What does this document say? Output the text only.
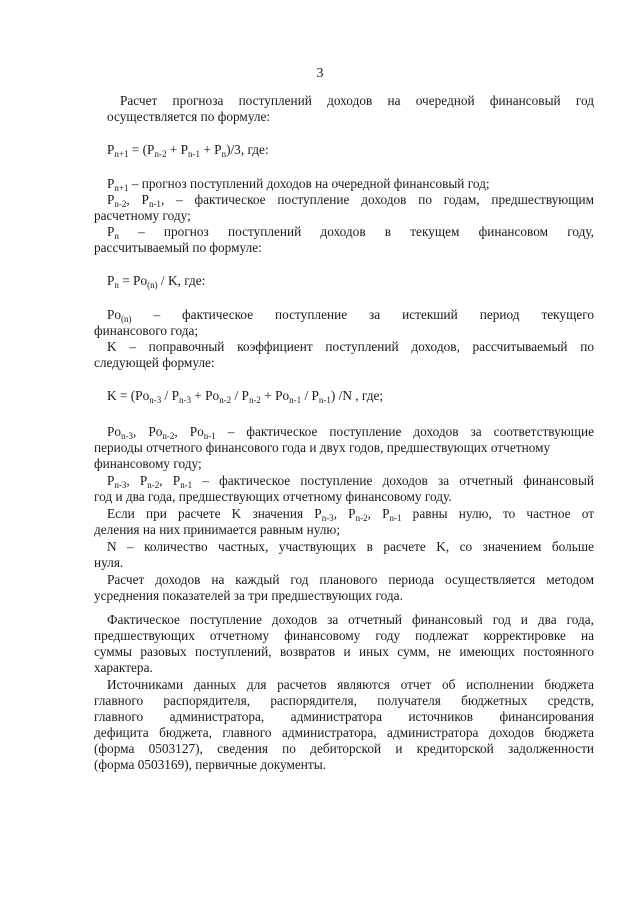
3
Расчет прогноза поступлений доходов на очередной финансовый год
осуществляется по формуле:
$P_{n+1} = (P_{n-2} + P_{n-1} + P_n)/3$, где:
$P_{n+1}$ – прогноз поступлений доходов на очередной финансовый год;
$P_{n-2}$, $P_{n-1}$, – фактическое поступление доходов по годам, предшествующим
расчетному году;
$P_n$ – прогноз поступлений доходов в текущем финансовом году,
рассчитываемый по формуле:
$P_n = Po_{(n)} / K$, где:
$Po_{(n)}$ – фактическое поступление за истекший период текущего
финансового года;
K – поправочный коэффициент поступлений доходов, рассчитываемый по
следующей формуле:
$K = (Po_{n-3} / P_{n-3} + Po_{n-2} / P_{n-2} + Po_{n-1} / P_{n-1})$ /N , где;
$Po_{n-3}$, $Po_{n-2}$, $Po_{n-1}$ – фактическое поступление доходов за соответствующие
периоды отчетного финансового года и двух годов, предшествующих отчетному
финансовому году;
$P_{n-3}$, $P_{n-2}$, $P_{n-1}$ – фактическое поступление доходов за отчетный финансовый
год и два года, предшествующих отчетному финансовому году.
Если при расчете K значения $P_{n-3}$, $P_{n-2}$, $P_{n-1}$ равны нулю, то частное от
деления на них принимается равным нулю;
N – количество частных, участвующих в расчете K, со значением больше
нуля.
Расчет доходов на каждый год планового периода осуществляется методом
усреднения показателей за три предшествующих года.
Фактическое поступление доходов за отчетный финансовый год и два года,
предшествующих отчетному финансовому году подлежат корректировке на
суммы разовых поступлений, возвратов и иных сумм, не имеющих постоянного
характера.
Источниками данных для расчетов являются отчет об исполнении бюджета
главного распорядителя, распорядителя, получателя бюджетных средств,
главного администратора, администратора источников финансирования
дефицита бюджета, главного администратора, администратора доходов бюджета
(форма 0503127), сведения по дебиторской и кредиторской задолженности
(форма 0503169), первичные документы.
